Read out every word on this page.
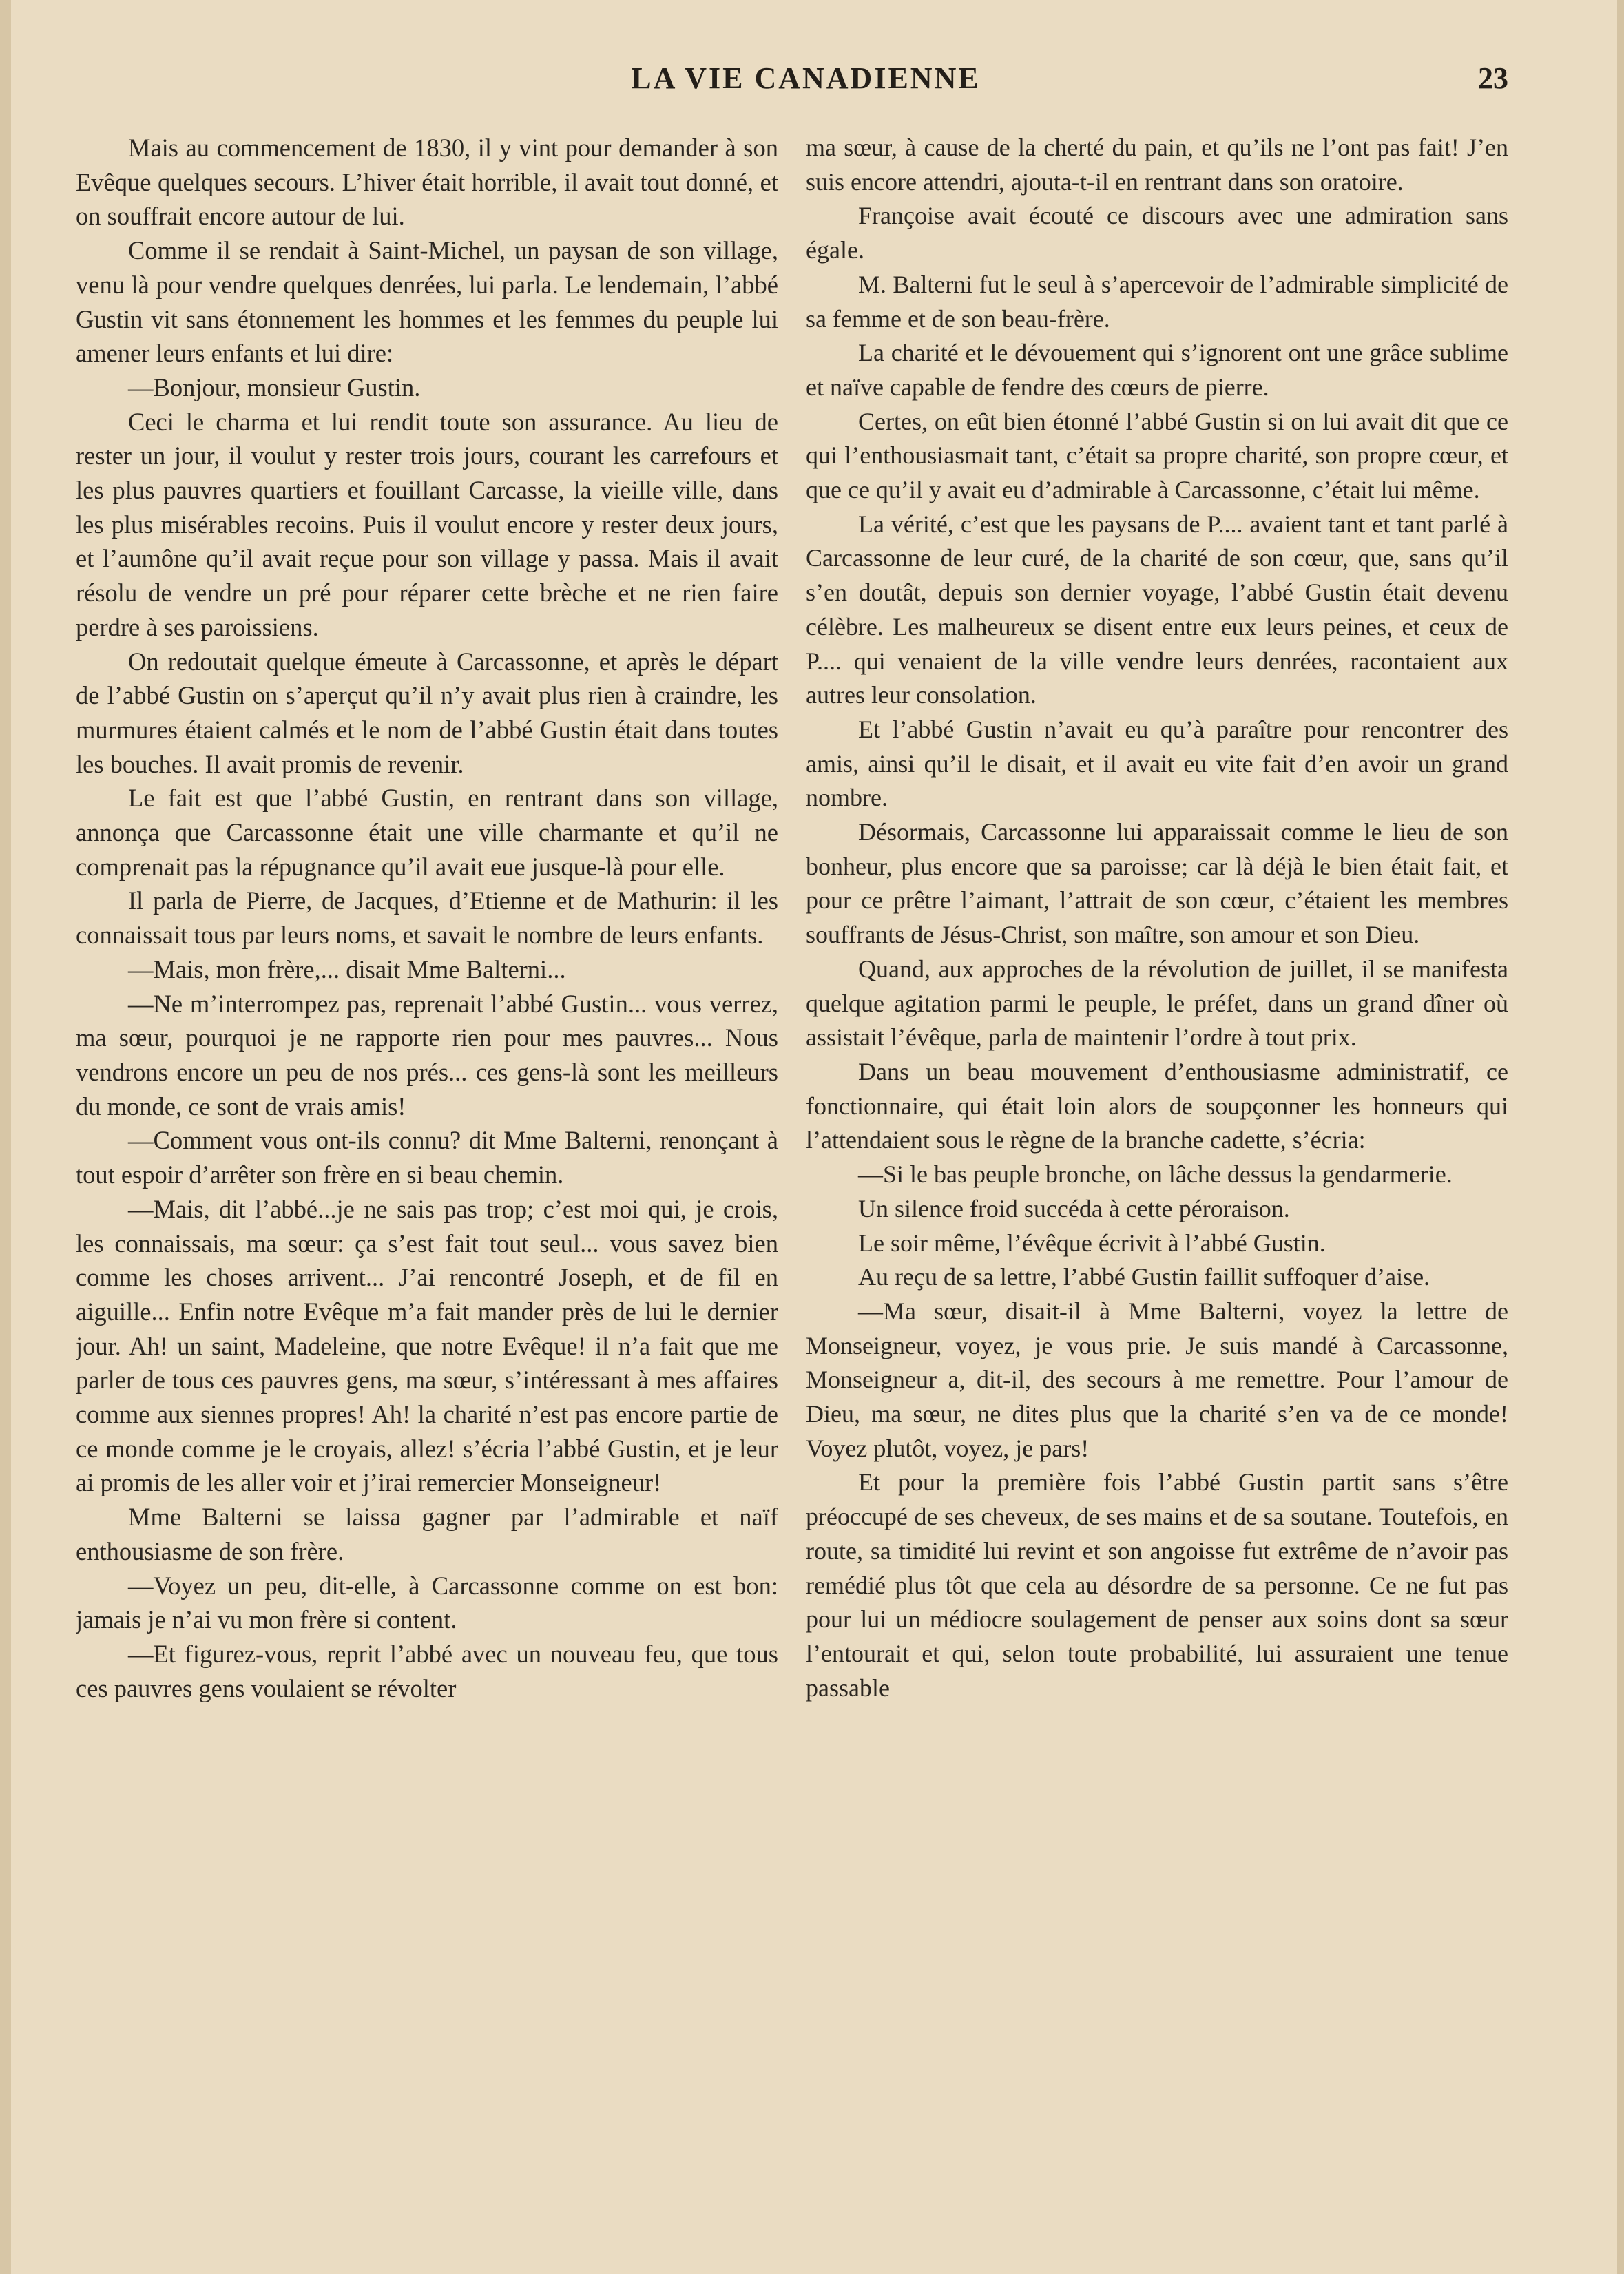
LA VIE CANADIENNE	23

Mais au commencement de 1830, il y vint pour demander à son Evêque quelques secours. L’hiver était horrible, il avait tout donné, et on souffrait encore autour de lui.

Comme il se rendait à Saint-Michel, un paysan de son village, venu là pour vendre quelques denrées, lui parla. Le lendemain, l’abbé Gustin vit sans étonnement les hommes et les femmes du peuple lui amener leurs enfants et lui dire:

—Bonjour, monsieur Gustin.

Ceci le charma et lui rendit toute son assurance. Au lieu de rester un jour, il voulut y rester trois jours, courant les carrefours et les plus pauvres quartiers et fouillant Carcasse, la vieille ville, dans les plus misérables recoins. Puis il voulut encore y rester deux jours, et l’aumône qu’il avait reçue pour son village y passa. Mais il avait résolu de vendre un pré pour réparer cette brèche et ne rien faire perdre à ses paroissiens.

On redoutait quelque émeute à Carcassonne, et après le départ de l’abbé Gustin on s’aperçut qu’il n’y avait plus rien à craindre, les murmures étaient calmés et le nom de l’abbé Gustin était dans toutes les bouches. Il avait promis de revenir.

Le fait est que l’abbé Gustin, en rentrant dans son village, annonça que Carcassonne était une ville charmante et qu’il ne comprenait pas la répugnance qu’il avait eue jusque-là pour elle.

Il parla de Pierre, de Jacques, d’Etienne et de Mathurin: il les connaissait tous par leurs noms, et savait le nombre de leurs enfants.

—Mais, mon frère,... disait Mme Balterni...

—Ne m’interrompez pas, reprenait l’abbé Gustin... vous verrez, ma sœur, pourquoi je ne rapporte rien pour mes pauvres... Nous vendrons encore un peu de nos prés... ces gens-là sont les meilleurs du monde, ce sont de vrais amis!

—Comment vous ont-ils connu? dit Mme Balterni, renonçant à tout espoir d’arrêter son frère en si beau chemin.

—Mais, dit l’abbé...je ne sais pas trop; c’est moi qui, je crois, les connaissais, ma sœur: ça s’est fait tout seul... vous savez bien comme les choses arrivent... J’ai rencontré Joseph, et de fil en aiguille... Enfin notre Evêque m’a fait mander près de lui le dernier jour. Ah! un saint, Madeleine, que notre Evêque! il n’a fait que me parler de tous ces pauvres gens, ma sœur, s’intéressant à mes affaires comme aux siennes propres! Ah! la charité n’est pas encore partie de ce monde comme je le croyais, allez! s’écria l’abbé Gustin, et je leur ai promis de les aller voir et j’irai remercier Monseigneur!

Mme Balterni se laissa gagner par l’admirable et naïf enthousiasme de son frère.

—Voyez un peu, dit-elle, à Carcassonne comme on est bon: jamais je n’ai vu mon frère si content.

—Et figurez-vous, reprit l’abbé avec un nouveau feu, que tous ces pauvres gens voulaient se révolter

ma sœur, à cause de la cherté du pain, et qu’ils ne l’ont pas fait! J’en suis encore attendri, ajouta-t-il en rentrant dans son oratoire.

Françoise avait écouté ce discours avec une admiration sans égale.

M. Balterni fut le seul à s’apercevoir de l’admirable simplicité de sa femme et de son beau-frère.

La charité et le dévouement qui s’ignorent ont une grâce sublime et naïve capable de fendre des cœurs de pierre.

Certes, on eût bien étonné l’abbé Gustin si on lui avait dit que ce qui l’enthousiasmait tant, c’était sa propre charité, son propre cœur, et que ce qu’il y avait eu d’admirable à Carcassonne, c’était lui même.

La vérité, c’est que les paysans de P.... avaient tant et tant parlé à Carcassonne de leur curé, de la charité de son cœur, que, sans qu’il s’en doutât, depuis son dernier voyage, l’abbé Gustin était devenu célèbre. Les malheureux se disent entre eux leurs peines, et ceux de P.... qui venaient de la ville vendre leurs denrées, racontaient aux autres leur consolation.

Et l’abbé Gustin n’avait eu qu’à paraître pour rencontrer des amis, ainsi qu’il le disait, et il avait eu vite fait d’en avoir un grand nombre.

Désormais, Carcassonne lui apparaissait comme le lieu de son bonheur, plus encore que sa paroisse; car là déjà le bien était fait, et pour ce prêtre l’aimant, l’attrait de son cœur, c’étaient les membres souffrants de Jésus-Christ, son maître, son amour et son Dieu.

Quand, aux approches de la révolution de juillet, il se manifesta quelque agitation parmi le peuple, le préfet, dans un grand dîner où assistait l’évêque, parla de maintenir l’ordre à tout prix.

Dans un beau mouvement d’enthousiasme administratif, ce fonctionnaire, qui était loin alors de soupçonner les honneurs qui l’attendaient sous le règne de la branche cadette, s’écria:

—Si le bas peuple bronche, on lâche dessus la gendarmerie.

Un silence froid succéda à cette péroraison.

Le soir même, l’évêque écrivit à l’abbé Gustin.

Au reçu de sa lettre, l’abbé Gustin faillit suffoquer d’aise.

—Ma sœur, disait-il à Mme Balterni, voyez la lettre de Monseigneur, voyez, je vous prie. Je suis mandé à Carcassonne, Monseigneur a, dit-il, des secours à me remettre. Pour l’amour de Dieu, ma sœur, ne dites plus que la charité s’en va de ce monde! Voyez plutôt, voyez, je pars!

Et pour la première fois l’abbé Gustin partit sans s’être préoccupé de ses cheveux, de ses mains et de sa soutane. Toutefois, en route, sa timidité lui revint et son angoisse fut extrême de n’avoir pas remédié plus tôt que cela au désordre de sa personne. Ce ne fut pas pour lui un médiocre soulagement de penser aux soins dont sa sœur l’entourait et qui, selon toute probabilité, lui assuraient une tenue passable
